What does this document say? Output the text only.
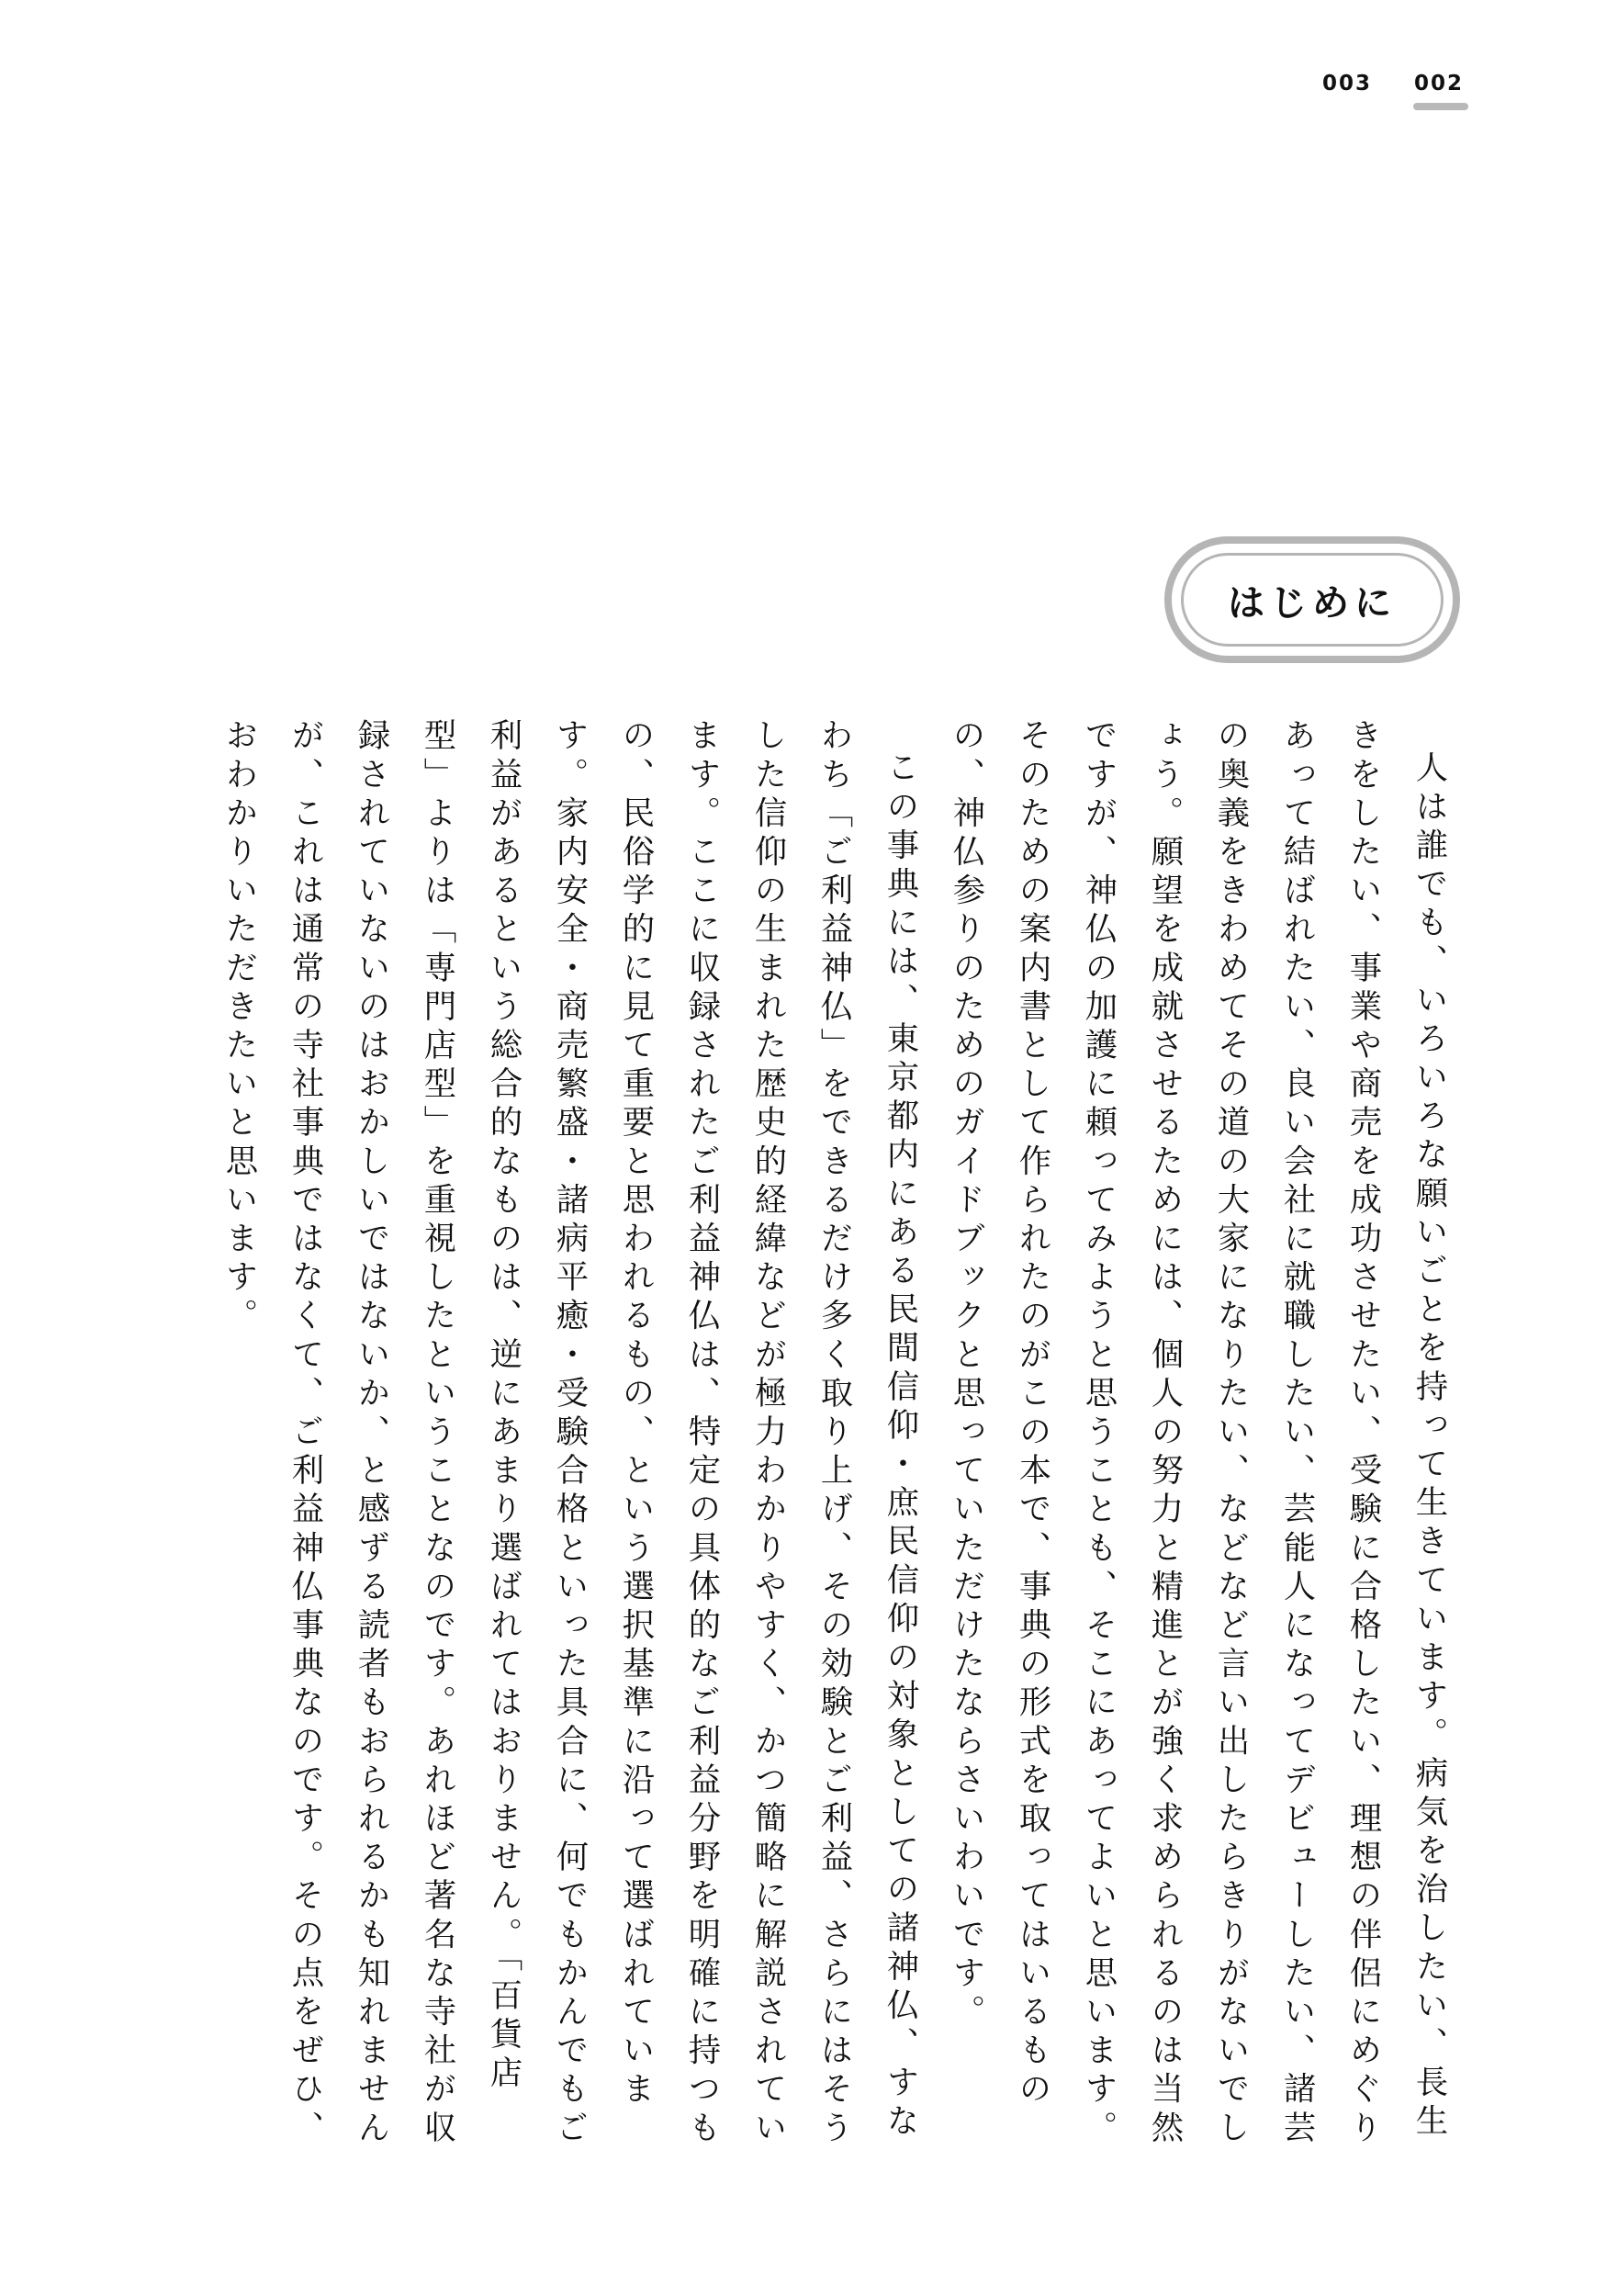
003 002
はじめに

人は誰でも、いろいろな願いごとを持って生きています。病気を治したい、長生きをしたい、事業や商売を成功させたい、受験に合格したい、理想の伴侶にめぐりあって結ばれたい、良い会社に就職したい、芸能人になってデビューしたい、諸芸の奥義をきわめてその道の大家になりたい、などなど言い出したらきりがないでしょう。願望を成就させるためには、個人の努力と精進とが強く求められるのは当然ですが、神仏の加護に頼ってみようと思うことも、そこにあってよいと思います。そのための案内書として作られたのがこの本で、事典の形式を取ってはいるものの、神仏参りのためのガイドブックと思っていただけたならさいわいです。

この事典には、東京都内にある民間信仰・庶民信仰の対象としての諸神仏、すなわち「ご利益神仏」をできるだけ多く取り上げ、その効験とご利益、さらにはそうした信仰の生まれた歴史的経緯などが極力わかりやすく、かつ簡略に解説されています。ここに収録されたご利益神仏は、特定の具体的なご利益分野を明確に持つもの、民俗学的に見て重要と思われるもの、という選択基準に沿って選ばれています。家内安全・商売繁盛・諸病平癒・受験合格といった具合に、何でもかんでもご利益があるという総合的なものは、逆にあまり選ばれてはおりません。「百貨店型」よりは「専門店型」を重視したということなのです。あれほど著名な寺社が収録されていないのはおかしいではないか、と感ずる読者もおられるかも知れませんが、これは通常の寺社事典ではなくて、ご利益神仏事典なのです。その点をぜひ、おわかりいただきたいと思います。
